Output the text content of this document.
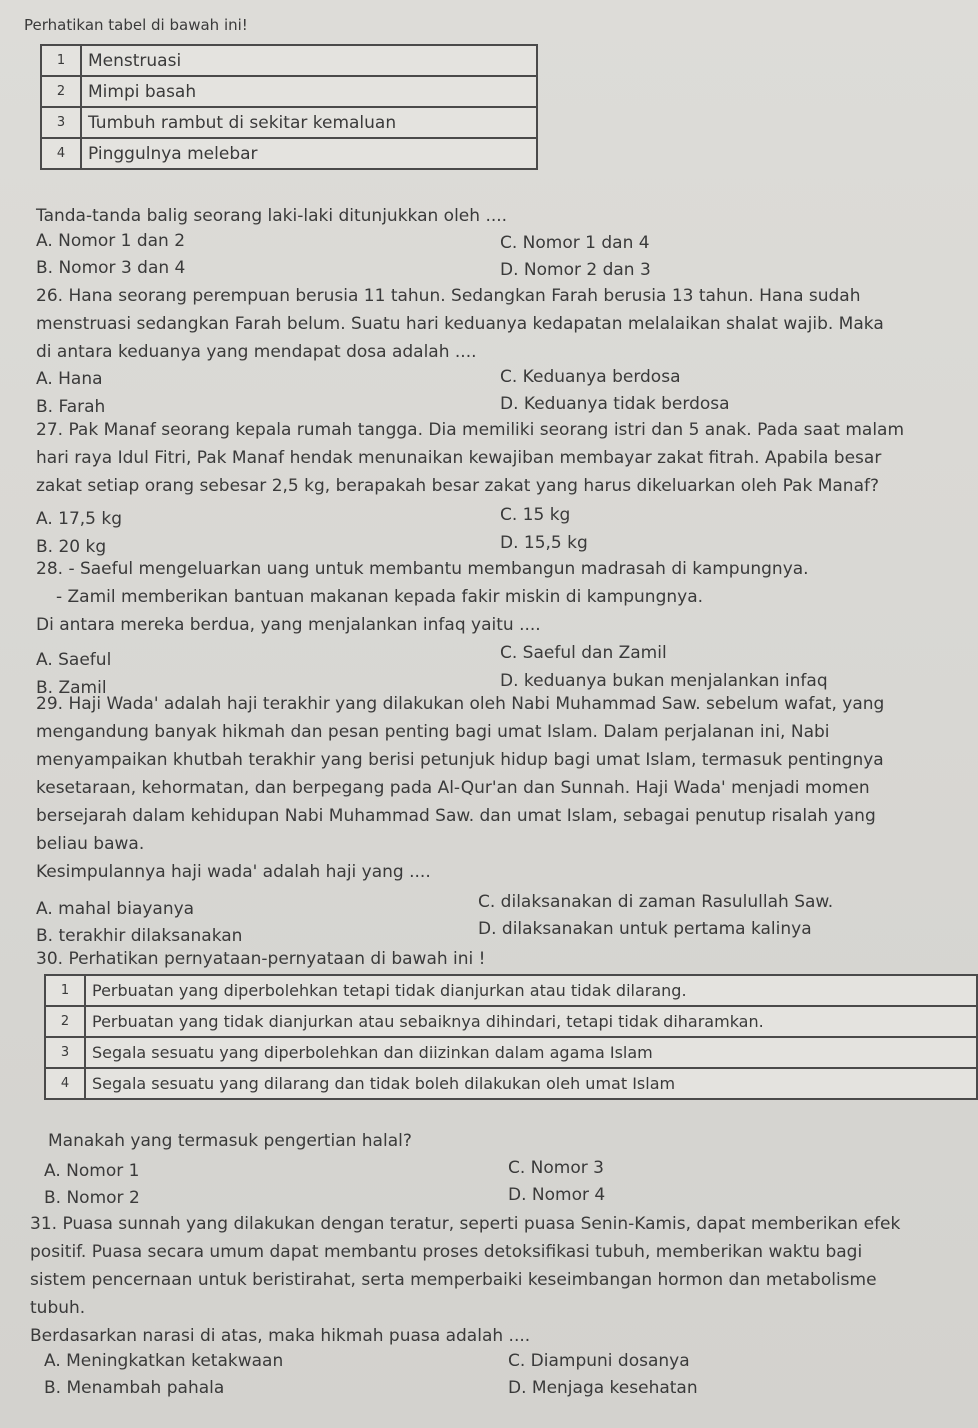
Perhatikan tabel di bawah ini!
1	Menstruasi
2	Mimpi basah
3	Tumbuh rambut di sekitar kemaluan
4	Pinggulnya melebar
Tanda-tanda balig seorang laki-laki ditunjukkan oleh ....
A. Nomor 1 dan 2
B. Nomor 3 dan 4
C. Nomor 1 dan 4
D. Nomor 2 dan 3

26. Hana seorang perempuan berusia 11 tahun. Sedangkan Farah berusia 13 tahun. Hana sudah

menstruasi sedangkan Farah belum. Suatu hari keduanya kedapatan melalaikan shalat wajib. Maka

di antara keduanya yang mendapat dosa adalah ....

A. Hana
B. Farah
C. Keduanya berdosa
D. Keduanya tidak berdosa

27. Pak Manaf seorang kepala rumah tangga. Dia memiliki seorang istri dan 5 anak. Pada saat malam

hari raya Idul Fitri, Pak Manaf hendak menunaikan kewajiban membayar zakat fitrah. Apabila besar

zakat setiap orang sebesar 2,5 kg, berapakah besar zakat yang harus dikeluarkan oleh Pak Manaf?

A. 17,5 kg
B. 20 kg
C. 15 kg
D. 15,5 kg

28. - Saeful mengeluarkan uang untuk membantu membangun madrasah di kampungnya.

- Zamil memberikan bantuan makanan kepada fakir miskin di kampungnya.

Di antara mereka berdua, yang menjalankan infaq yaitu ....

A. Saeful
B. Zamil
C. Saeful dan Zamil
D. keduanya bukan menjalankan infaq

29. Haji Wada' adalah haji terakhir yang dilakukan oleh Nabi Muhammad Saw. sebelum wafat, yang

mengandung banyak hikmah dan pesan penting bagi umat Islam. Dalam perjalanan ini, Nabi

menyampaikan khutbah terakhir yang berisi petunjuk hidup bagi umat Islam, termasuk pentingnya

kesetaraan, kehormatan, dan berpegang pada Al-Qur'an dan Sunnah. Haji Wada' menjadi momen

bersejarah dalam kehidupan Nabi Muhammad Saw. dan umat Islam, sebagai penutup risalah yang

beliau bawa.

Kesimpulannya haji wada' adalah haji yang ....

A. mahal biayanya
B. terakhir dilaksanakan
C. dilaksanakan di zaman Rasulullah Saw.
D. dilaksanakan untuk pertama kalinya
30. Perhatikan pernyataan-pernyataan di bawah ini !
1	Perbuatan yang diperbolehkan tetapi tidak dianjurkan atau tidak dilarang.
2	Perbuatan yang tidak dianjurkan atau sebaiknya dihindari, tetapi tidak diharamkan.
3	Segala sesuatu yang diperbolehkan dan diizinkan dalam agama Islam
4	Segala sesuatu yang dilarang dan tidak boleh dilakukan oleh umat Islam
Manakah yang termasuk pengertian halal?
A. Nomor 1
B. Nomor 2
C. Nomor 3
D. Nomor 4

31. Puasa sunnah yang dilakukan dengan teratur, seperti puasa Senin-Kamis, dapat memberikan efek

positif. Puasa secara umum dapat membantu proses detoksifikasi tubuh, memberikan waktu bagi

sistem pencernaan untuk beristirahat, serta memperbaiki keseimbangan hormon dan metabolisme

tubuh.

Berdasarkan narasi di atas, maka hikmah puasa adalah ....

A. Meningkatkan ketakwaan
B. Menambah pahala
C. Diampuni dosanya
D. Menjaga kesehatan
